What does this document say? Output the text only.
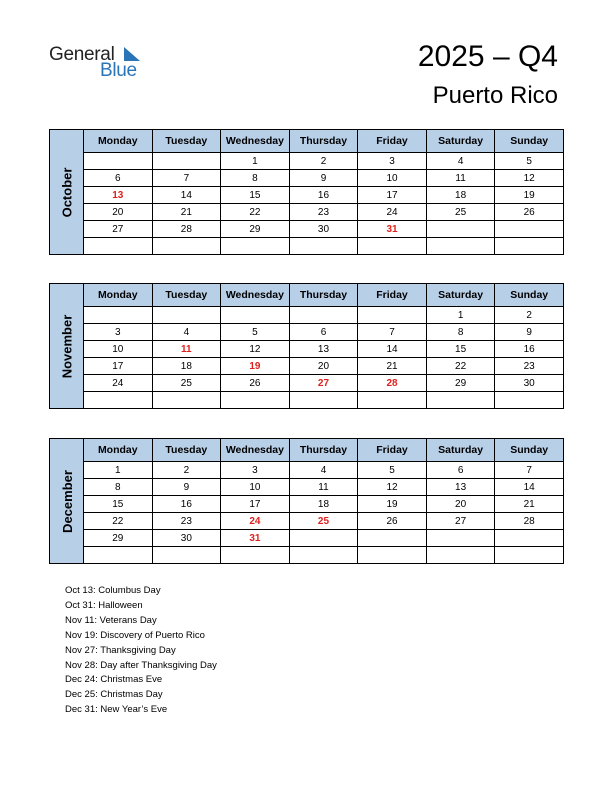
General
Blue	2025 – Q4
Puerto Rico
October
Monday	Tuesday	Wednesday	Thursday	Friday	Saturday	Sunday
		1	2	3	4	5
6	7	8	9	10	11	12
13	14	15	16	17	18	19
20	21	22	23	24	25	26
27	28	29	30	31		

November
Monday	Tuesday	Wednesday	Thursday	Friday	Saturday	Sunday
					1	2
3	4	5	6	7	8	9
10	11	12	13	14	15	16
17	18	19	20	21	22	23
24	25	26	27	28	29	30

December
Monday	Tuesday	Wednesday	Thursday	Friday	Saturday	Sunday
1	2	3	4	5	6	7
8	9	10	11	12	13	14
15	16	17	18	19	20	21
22	23	24	25	26	27	28
29	30	31				

Oct 13: Columbus Day
Oct 31: Halloween
Nov 11: Veterans Day
Nov 19: Discovery of Puerto Rico
Nov 27: Thanksgiving Day
Nov 28: Day after Thanksgiving Day
Dec 24: Christmas Eve
Dec 25: Christmas Day
Dec 31: New Year’s Eve
